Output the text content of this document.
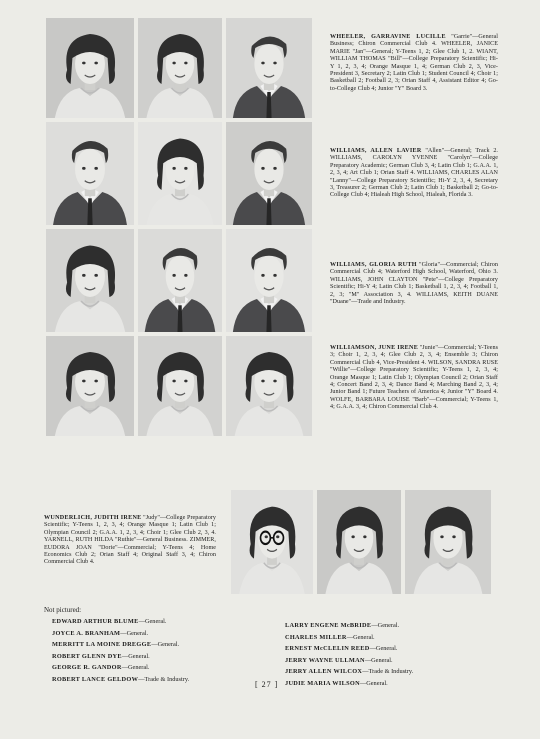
WHEELER, GARRAVINE LUCILLE "Garrie"—General Business; Chiron Commercial Club 4. WHEELER, JANICE MARIE "Jan"—General; Y-Teens 1, 2; Glee Club 1, 2. WIANT, WILLIAM THOMAS "Bill"—College Preparatory Scientific; Hi-Y 1, 2, 3, 4; Orange Masque 1, 4; German Club 2, 3, Vice-President 3, Secretary 2; Latin Club 1; Student Council 4; Choir 1; Basketball 2; Football 2, 3; Orian Staff 4, Assistant Editor 4; Go-to-College Club 4; Junior "Y" Board 3.
WILLIAMS, ALLEN LAVIER "Allen"—General; Track 2. WILLIAMS, CAROLYN YVENNE "Carolyn"—College Preparatory Academic; German Club 3, 4; Latin Club 1; G.A.A. 1, 2, 3, 4; Art Club 1; Orian Staff 4. WILLIAMS, CHARLES ALAN "Lanny"—College Preparatory Scientific; Hi-Y 2, 3, 4, Secretary 3, Treasurer 2; German Club 2; Latin Club 1; Basketball 2; Go-to-College Club 4; Hialeah High School, Hialeah, Florida 3.
WILLIAMS, GLORIA RUTH "Gloria"—Commercial; Chiron Commercial Club 4; Waterford High School, Waterford, Ohio 3. WILLIAMS, JOHN CLAYTON "Pete"—College Preparatory Scientific; Hi-Y 4; Latin Club 1; Basketball 1, 2, 3, 4; Football 1, 2, 3; "M" Association 3, 4. WILLIAMS, KEITH DUANE "Duane"—Trade and Industry.
WILLIAMSON, JUNE IRENE "Junie"—Commercial; Y-Teens 3; Choir 1, 2, 3, 4; Glee Club 2, 3, 4; Ensemble 3; Chiron Commercial Club 4, Vice-President 4. WILSON, SANDRA RUSE "Willie"—College Preparatory Scientific; Y-Teens 1, 2, 3, 4; Orange Masque 1; Latin Club 1; Olympian Council 2; Orian Staff 4; Concert Band 2, 3, 4; Dance Band 4; Marching Band 2, 3, 4; Junior Band 1; Future Teachers of America 4; Junior "Y" Board 4. WOLFE, BARBARA LOUISE "Barb"—Commercial; Y-Teens 1, 4; G.A.A. 3, 4; Chiron Commercial Club 4.
WUNDERLICH, JUDITH IRENE "Judy"—College Preparatory Scientific; Y-Teens 1, 2, 3, 4; Orange Masque 1; Latin Club 1; Olympian Council 2; G.A.A. 1, 2, 3, 4; Choir 1; Glee Club 2, 3, 4. YARNELL, RUTH HILDA "Ruthie"—General Business. ZIMMER, EUDORA JOAN "Dorie"—Commercial; Y-Teens 4; Home Economics Club 2; Orian Staff 4; Original Staff 3, 4; Chiron Commercial Club 4.
Not pictured:
EDWARD ARTHUR BLUME—General.
JOYCE A. BRANHAM—General.
MERRITT LA MOINE DREGGE—General.
ROBERT GLENN DYE—General.
GEORGE R. GANDOR—General.
ROBERT LANCE GELDOW—Trade & Industry.
LARRY ENGENE McBRIDE—General.
CHARLES MILLER—General.
ERNEST McCLELIN REED—General.
JERRY WAYNE ULLMAN—General.
JERRY ALLEN WILCOX—Trade & Industry.
JUDIE MARIA WILSON—General.
[ 27 ]
